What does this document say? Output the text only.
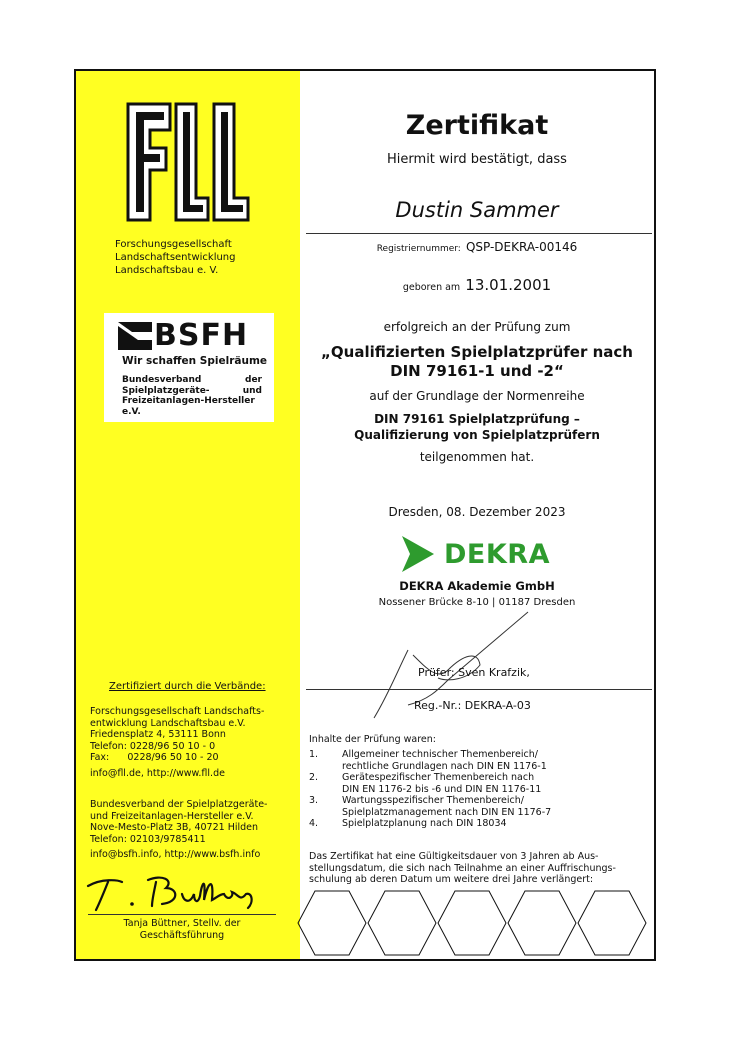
Forschungsgesellschaft
Landschaftsentwicklung
Landschaftsbau e. V.
BSFH
Wir schaffen Spielräume
Bundesverband der Spielplatzgeräte- und Freizeitanlagen-Hersteller e.V.
Zertifiziert durch die Verbände:
Forschungsgesellschaft Landschafts-
entwicklung Landschaftsbau e.V.
Friedensplatz 4, 53111 Bonn
Telefon: 0228/96 50 10 - 0
Fax:      0228/96 50 10 - 20
info@fll.de, http://www.fll.de
Bundesverband der Spielplatzgeräte-
und Freizeitanlagen-Hersteller e.V.
Nove-Mesto-Platz 3B, 40721 Hilden
Telefon: 02103/9785411
info@bsfh.info, http://www.bsfh.info
Tanja Büttner, Stellv. der
Geschäftsführung
Zertifikat
Hiermit wird bestätigt, dass
Dustin Sammer
Registriernummer: QSP-DEKRA-00146
geboren am 13.01.2001
erfolgreich an der Prüfung zum
„Qualifizierten Spielplatzprüfer nach
DIN 79161-1 und -2“
auf der Grundlage der Normenreihe
DIN 79161 Spielplatzprüfung –
Qualifizierung von Spielplatzprüfern
teilgenommen hat.
Dresden, 08. Dezember 2023
DEKRA
DEKRA Akademie GmbH
Nossener Brücke 8-10 | 01187 Dresden
Prüfer: Sven Krafzik,
Reg.-Nr.: DEKRA-A-03
Inhalte der Prüfung waren:
1.	Allgemeiner technischer Themenbereich/
rechtliche Grundlagen nach DIN EN 1176-1
2.	Gerätespezifischer Themenbereich nach
DIN EN 1176-2 bis -6 und DIN EN 1176-11
3.	Wartungsspezifischer Themenbereich/
Spielplatzmanagement nach DIN EN 1176-7
4.	Spielplatzplanung nach DIN 18034
Das Zertifikat hat eine Gültigkeitsdauer von 3 Jahren ab Aus-
stellungsdatum, die sich nach Teilnahme an einer Auffrischungs-
schulung ab deren Datum um weitere drei Jahre verlängert:
